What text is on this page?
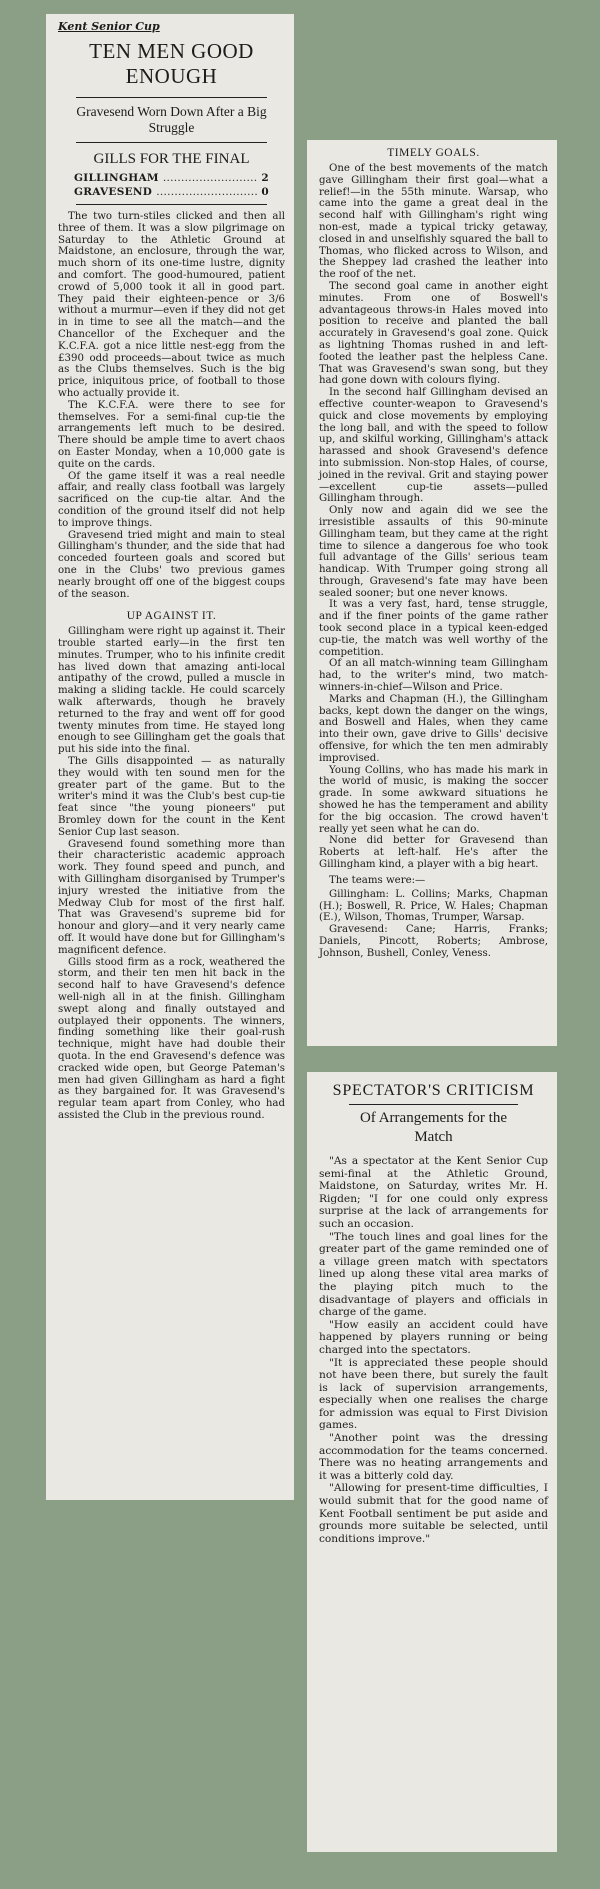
Kent Senior Cup

TEN MEN GOOD ENOUGH

Gravesend Worn Down After a Big Struggle

GILLS FOR THE FINAL
GILLINGHAM .....	2
GRAVESEND .....	0

The two turn-stiles clicked and then all three of them. It was a slow pilgrimage on Saturday to the Athletic Ground at Maidstone, an enclosure, through the war, much shorn of its one-time lustre, dignity and comfort. The good-humoured, patient crowd of 5,000 took it all in good part. They paid their eighteen-pence or 3/6 without a murmur—even if they did not get in in time to see all the match—and the Chancellor of the Exchequer and the K.C.F.A. got a nice little nest-egg from the £390 odd proceeds—about twice as much as the Clubs themselves. Such is the big price, iniquitous price, of football to those who actually provide it.

The K.C.F.A. were there to see for themselves. For a semi-final cup-tie the arrangements left much to be desired. There should be ample time to avert chaos on Easter Monday, when a 10,000 gate is quite on the cards.

Of the game itself it was a real needle affair, and really class football was largely sacrificed on the cup-tie altar. And the condition of the ground itself did not help to improve things.

Gravesend tried might and main to steal Gillingham's thunder, and the side that had conceded fourteen goals and scored but one in the Clubs' two previous games nearly brought off one of the biggest coups of the season.

UP AGAINST IT.

Gillingham were right up against it. Their trouble started early—in the first ten minutes. Trumper, who to his infinite credit has lived down that amazing anti-local antipathy of the crowd, pulled a muscle in making a sliding tackle. He could scarcely walk afterwards, though he bravely returned to the fray and went off for good twenty minutes from time. He stayed long enough to see Gillingham get the goals that put his side into the final.

The Gills disappointed — as naturally they would with ten sound men for the greater part of the game. But to the writer's mind it was the Club's best cup-tie feat since "the young pioneers" put Bromley down for the count in the Kent Senior Cup last season.

Gravesend found something more than their characteristic academic approach work. They found speed and punch, and with Gillingham disorganised by Trumper's injury wrested the initiative from the Medway Club for most of the first half. That was Gravesend's supreme bid for honour and glory—and it very nearly came off. It would have done but for Gillingham's magnificent defence.

Gills stood firm as a rock, weathered the storm, and their ten men hit back in the second half to have Gravesend's defence well-nigh all in at the finish. Gillingham swept along and finally outstayed and outplayed their opponents. The winners, finding something like their goal-rush technique, might have had double their quota. In the end Gravesend's defence was cracked wide open, but George Pateman's men had given Gillingham as hard a fight as they bargained for. It was Gravesend's regular team apart from Conley, who had assisted the Club in the previous round.

TIMELY GOALS.

One of the best movements of the match gave Gillingham their first goal—what a relief!—in the 55th minute. Warsap, who came into the game a great deal in the second half with Gillingham's right wing non-est, made a typical tricky getaway, closed in and unselfishly squared the ball to Thomas, who flicked across to Wilson, and the Sheppey lad crashed the leather into the roof of the net.

The second goal came in another eight minutes. From one of Boswell's advantageous throws-in Hales moved into position to receive and planted the ball accurately in Gravesend's goal zone. Quick as lightning Thomas rushed in and left-footed the leather past the helpless Cane. That was Gravesend's swan song, but they had gone down with colours flying.

In the second half Gillingham devised an effective counter-weapon to Gravesend's quick and close movements by employing the long ball, and with the speed to follow up, and skilful working, Gillingham's attack harassed and shook Gravesend's defence into submission. Non-stop Hales, of course, joined in the revival. Grit and staying power—excellent cup-tie assets—pulled Gillingham through.

Only now and again did we see the irresistible assaults of this 90-minute Gillingham team, but they came at the right time to silence a dangerous foe who took full advantage of the Gills' serious team handicap. With Trumper going strong all through, Gravesend's fate may have been sealed sooner; but one never knows.

It was a very fast, hard, tense struggle, and if the finer points of the game rather took second place in a typical keen-edged cup-tie, the match was well worthy of the competition.

Of an all match-winning team Gillingham had, to the writer's mind, two match-winners-in-chief—Wilson and Price.

Marks and Chapman (H.), the Gillingham backs, kept down the danger on the wings, and Boswell and Hales, when they came into their own, gave drive to Gills' decisive offensive, for which the ten men admirably improvised.

Young Collins, who has made his mark in the world of music, is making the soccer grade. In some awkward situations he showed he has the temperament and ability for the big occasion. The crowd haven't really yet seen what he can do.

None did better for Gravesend than Roberts at left-half. He's after the Gillingham kind, a player with a big heart.

The teams were:—

Gillingham: L. Collins; Marks, Chapman (H.); Boswell, R. Price, W. Hales; Chapman (E.), Wilson, Thomas, Trumper, Warsap.

Gravesend: Cane; Harris, Franks; Daniels, Pincott, Roberts; Ambrose, Johnson, Bushell, Conley, Veness.

SPECTATOR'S CRITICISM

Of Arrangements for the Match

"As a spectator at the Kent Senior Cup semi-final at the Athletic Ground, Maidstone, on Saturday, writes Mr. H. Rigden; "I for one could only express surprise at the lack of arrangements for such an occasion.

"The touch lines and goal lines for the greater part of the game reminded one of a village green match with spectators lined up along these vital area marks of the playing pitch much to the disadvantage of players and officials in charge of the game.

"How easily an accident could have happened by players running or being charged into the spectators.

"It is appreciated these people should not have been there, but surely the fault is lack of supervision arrangements, especially when one realises the charge for admission was equal to First Division games.

"Another point was the dressing accommodation for the teams concerned. There was no heating arrangements and it was a bitterly cold day.

"Allowing for present-time difficulties, I would submit that for the good name of Kent Football sentiment be put aside and grounds more suitable be selected, until conditions improve."
